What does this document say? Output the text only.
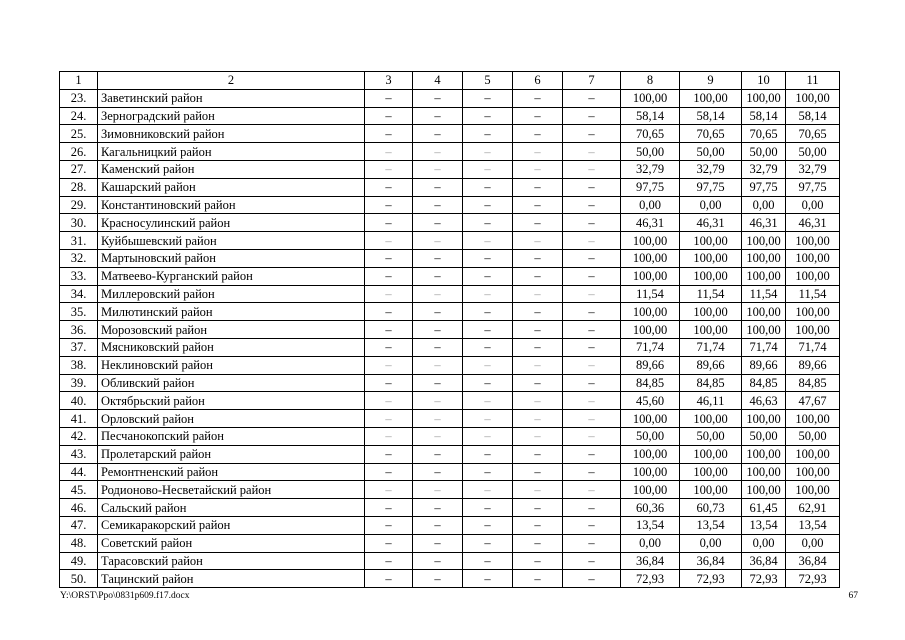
1	2	3	4	5	6	7	8	9	10	11
23.	Заветинский район	–	–	–	–	–	100,00	100,00	100,00	100,00
24.	Зерноградский район	–	–	–	–	–	58,14	58,14	58,14	58,14
25.	Зимовниковский район	–	–	–	–	–	70,65	70,65	70,65	70,65
26.	Кагальницкий район	–	–	–	–	–	50,00	50,00	50,00	50,00
27.	Каменский район	–	–	–	–	–	32,79	32,79	32,79	32,79
28.	Кашарский район	–	–	–	–	–	97,75	97,75	97,75	97,75
29.	Константиновский район	–	–	–	–	–	0,00	0,00	0,00	0,00
30.	Красносулинский район	–	–	–	–	–	46,31	46,31	46,31	46,31
31.	Куйбышевский район	–	–	–	–	–	100,00	100,00	100,00	100,00
32.	Мартыновский район	–	–	–	–	–	100,00	100,00	100,00	100,00
33.	Матвеево-Курганский район	–	–	–	–	–	100,00	100,00	100,00	100,00
34.	Миллеровский район	–	–	–	–	–	11,54	11,54	11,54	11,54
35.	Милютинский район	–	–	–	–	–	100,00	100,00	100,00	100,00
36.	Морозовский район	–	–	–	–	–	100,00	100,00	100,00	100,00
37.	Мясниковский район	–	–	–	–	–	71,74	71,74	71,74	71,74
38.	Неклиновский район	–	–	–	–	–	89,66	89,66	89,66	89,66
39.	Обливский район	–	–	–	–	–	84,85	84,85	84,85	84,85
40.	Октябрьский район	–	–	–	–	–	45,60	46,11	46,63	47,67
41.	Орловский район	–	–	–	–	–	100,00	100,00	100,00	100,00
42.	Песчанокопский район	–	–	–	–	–	50,00	50,00	50,00	50,00
43.	Пролетарский район	–	–	–	–	–	100,00	100,00	100,00	100,00
44.	Ремонтненский район	–	–	–	–	–	100,00	100,00	100,00	100,00
45.	Родионово-Несветайский район	–	–	–	–	–	100,00	100,00	100,00	100,00
46.	Сальский район	–	–	–	–	–	60,36	60,73	61,45	62,91
47.	Семикаракорский район	–	–	–	–	–	13,54	13,54	13,54	13,54
48.	Советский район	–	–	–	–	–	0,00	0,00	0,00	0,00
49.	Тарасовский район	–	–	–	–	–	36,84	36,84	36,84	36,84
50.	Тацинский район	–	–	–	–	–	72,93	72,93	72,93	72,93
Y:\ORST\Ppo\0831p609.f17.docx	67
